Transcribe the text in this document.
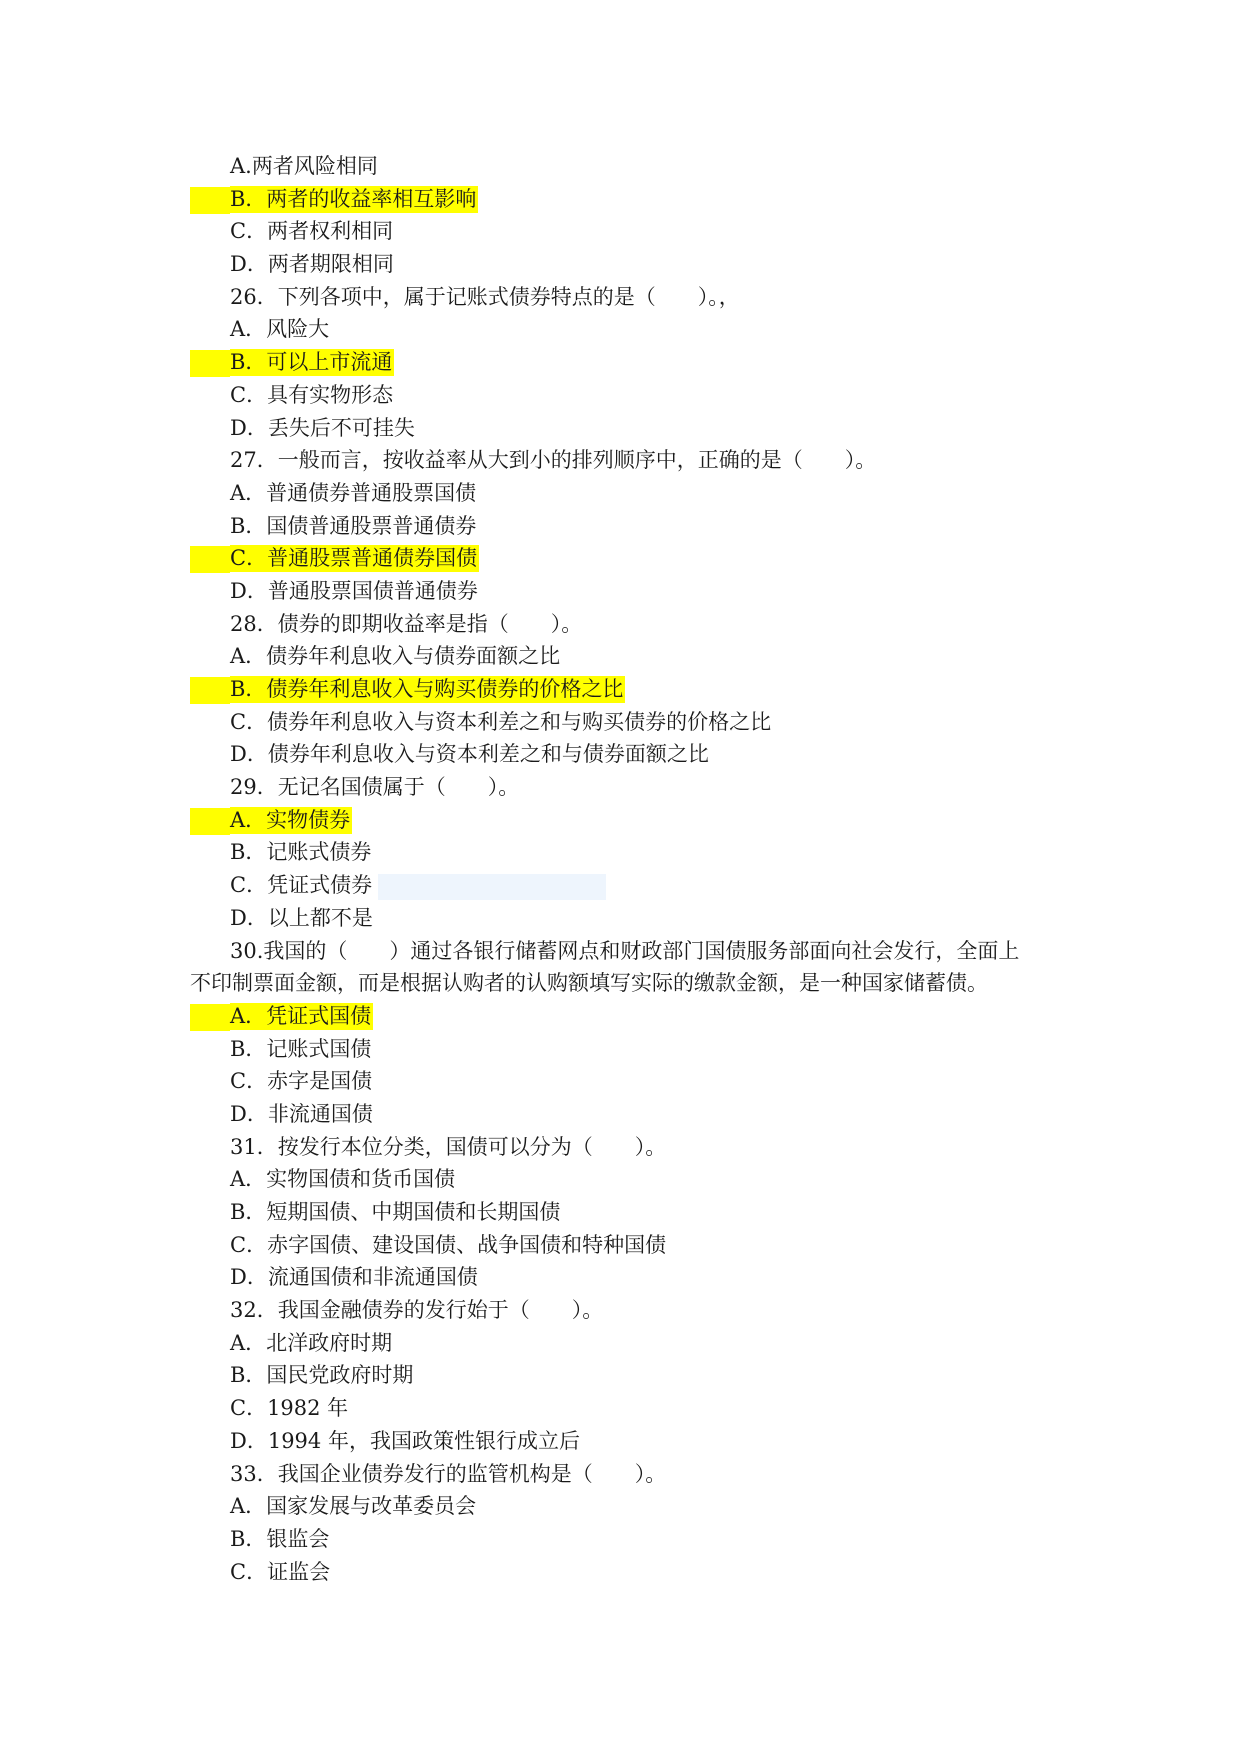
A.两者风险相同
B．两者的收益率相互影响
C．两者权利相同
D．两者期限相同
26．下列各项中，属于记账式债券特点的是（　　）。，
A．风险大
B．可以上市流通
C．具有实物形态
D．丢失后不可挂失
27．一般而言，按收益率从大到小的排列顺序中，正确的是（　　）。
A．普通债券普通股票国债
B．国债普通股票普通债券
C．普通股票普通债券国债
D．普通股票国债普通债券
28．债券的即期收益率是指（　　）。
A．债券年利息收入与债券面额之比
B．债券年利息收入与购买债券的价格之比
C．债券年利息收入与资本利差之和与购买债券的价格之比
D．债券年利息收入与资本利差之和与债券面额之比
29．无记名国债属于（　　）。
A．实物债券
B．记账式债券
C．凭证式债券
D．以上都不是
30.我国的（　　）通过各银行储蓄网点和财政部门国债服务部面向社会发行，全面上
不印制票面金额，而是根据认购者的认购额填写实际的缴款金额，是一种国家储蓄债。
A．凭证式国债
B．记账式国债
C．赤字是国债
D．非流通国债
31．按发行本位分类，国债可以分为（　　）。
A．实物国债和货币国债
B．短期国债、中期国债和长期国债
C．赤字国债、建设国债、战争国债和特种国债
D．流通国债和非流通国债
32．我国金融债券的发行始于（　　）。
A．北洋政府时期
B．国民党政府时期
C．1982 年
D．1994 年，我国政策性银行成立后
33．我国企业债券发行的监管机构是（　　）。
A．国家发展与改革委员会
B．银监会
C．证监会
